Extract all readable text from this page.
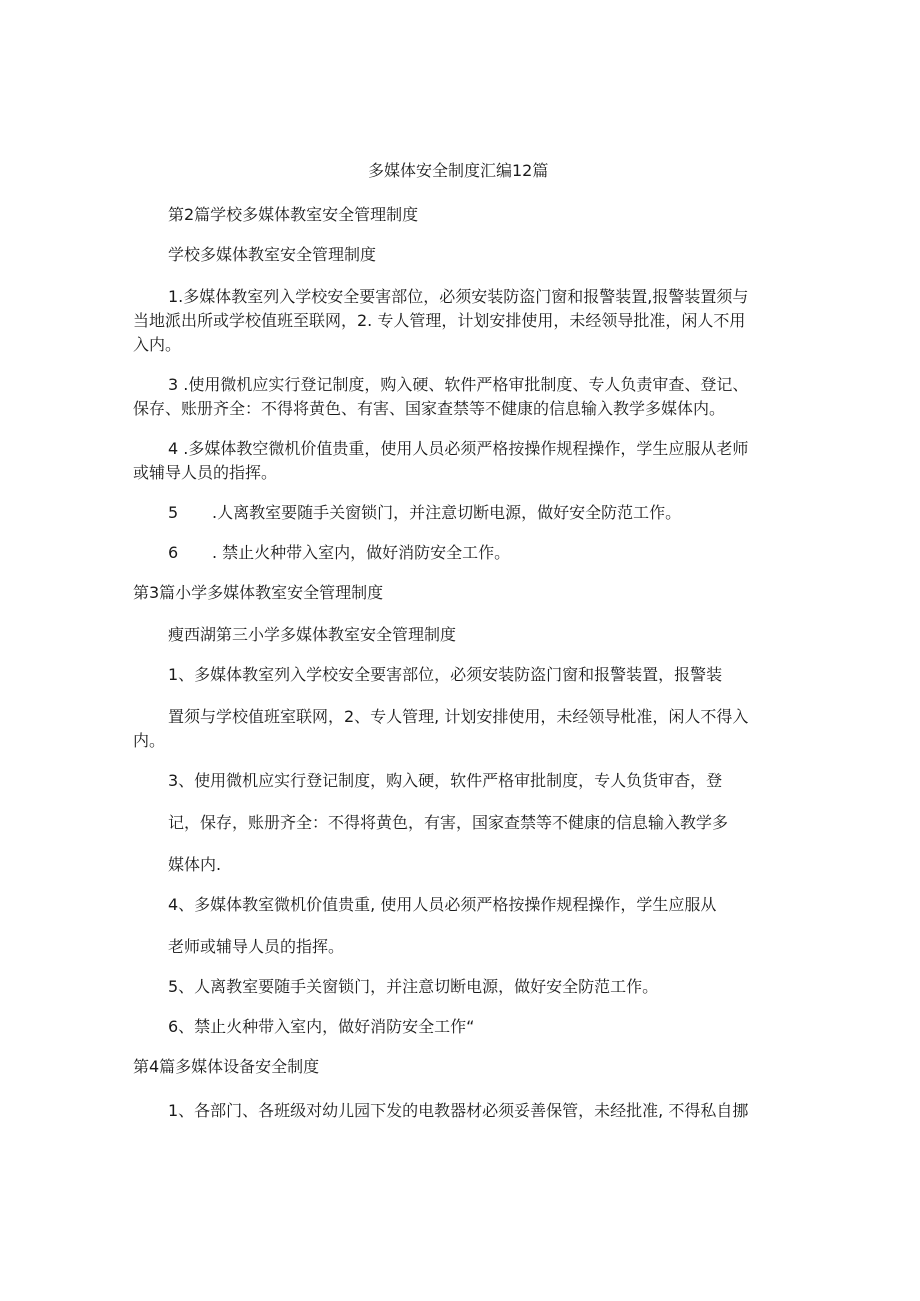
多媒体安全制度汇编12篇
第2篇学校多媒体教室安全管理制度
学校多媒体教室安全管理制度
1.多媒体教室列入学校安全要害部位，必须安装防盗门窗和报警装置,报警装置须与
当地派出所或学校值班至联网，2. 专人管理，计划安排使用，未经领导批准，闲人不用
入内。
3 .使用微机应实行登记制度，购入硬、软件严格审批制度、专人负责审查、登记、
保存、账册齐全：不得将黄色、有害、国家查禁等不健康的信息输入教学多媒体内。
4 .多媒体教空微机价值贵重，使用人员必须严格按操作规程操作，学生应服从老师
或辅导人员的指挥。
5 .人离教室要随手关窗锁门，并注意切断电源，做好安全防范工作。
6 . 禁止火种带入室内，做好消防安全工作。
第3篇小学多媒体教室安全管理制度
瘦西湖第三小学多媒体教室安全管理制度
1、多媒体教室列入学校安全要害部位，必须安装防盗门窗和报警装置，报警装
置须与学校值班室联网，2、专人管理, 计划安排使用，未经领导枇准，闲人不得入
内。
3、使用微机应实行登记制度，购入硬，软件严格审批制度，专人负货审杳，登
记，保存，账册齐全：不得将黄色，有害，国家查禁等不健康的信息输入教学多
媒体内.
4、多媒体教室微机价值贵重, 使用人员必须严格按操作规程操作，学生应服从
老师或辅导人员的指挥。
5、人离教室要随手关窗锁门，并注意切断电源，做好安全防范工作。
6、禁止火种带入室内，做好消防安全工作“
第4篇多媒体设备安全制度
1、各部门、各班级对幼儿园下发的电教器材必须妥善保管，未经批准, 不得私自挪
